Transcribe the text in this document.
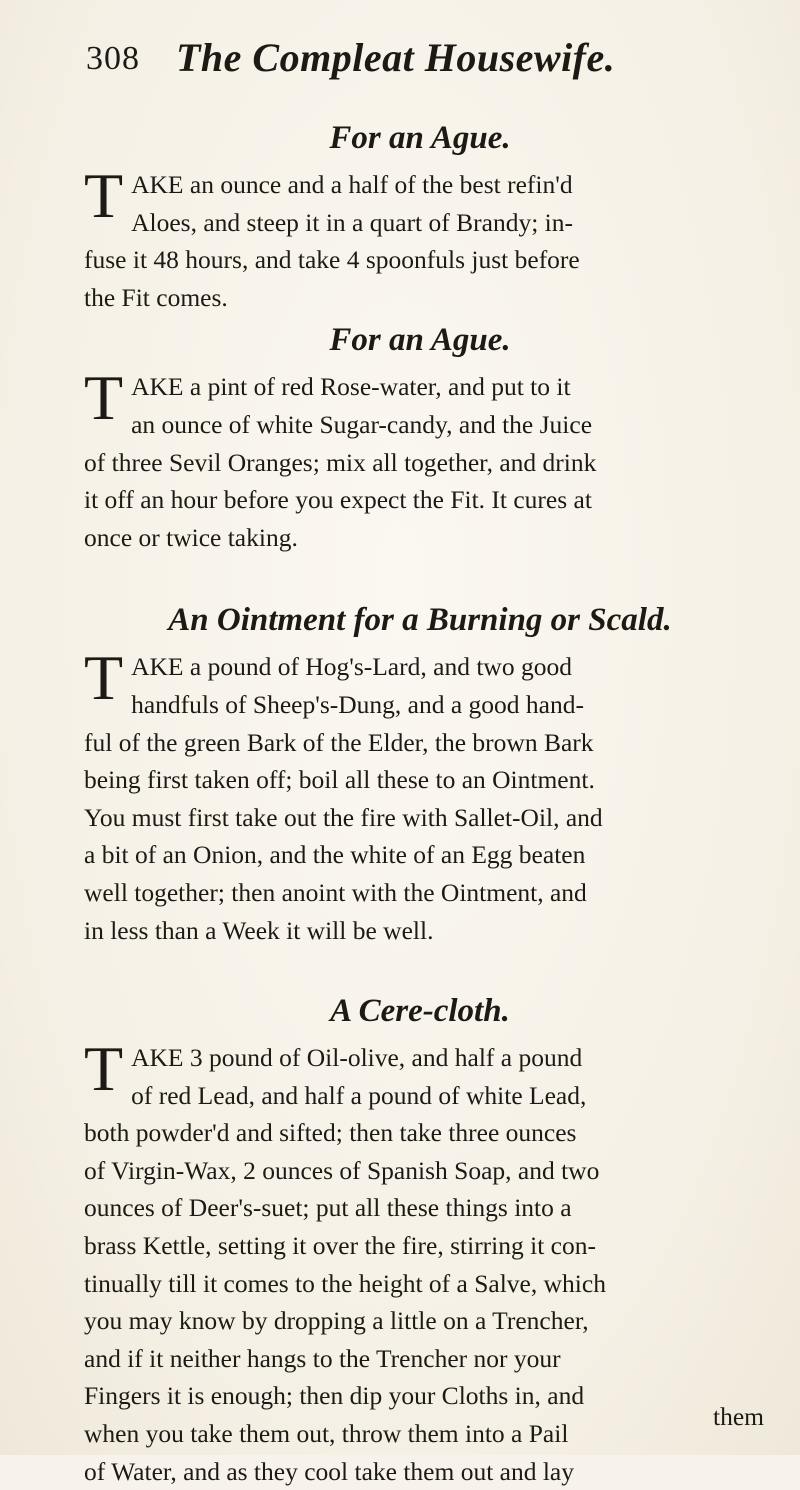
308 The Compleat Housewife.
For an Ague.
T AKE an ouncе and a half of the best refin'd
Aloes, and steep it in a quart of Brandy; in-
fuse it 48 hours, and take 4 spoonfuls just before
the Fit comes.
For an Ague.
T AKE a pint of red Rose-water, and put to it
an ounce of white Sugar-candy, and the Juice
of three Sevil Oranges; mix all together, and drink
it off an hour before you expect the Fit. It cures at
once or twice taking.
An Ointment for a Burning or Scald.
T AKE a pound of Hog's-Lard, and two good
handfuls of Sheep's-Dung, and a good hand-
ful of the green Bark of the Elder, the brown Bark
being first taken off; boil all these to an Ointment.
You must first take out the fire with Sallet-Oil, and
a bit of an Onion, and the white of an Egg beaten
well together; then anoint with the Ointment, and
in less than a Week it will be well.
A Cere-cloth.
T AKE 3 pound of Oil-olive, and half a pound
of red Lead, and half a pound of white Lead,
both powder'd and sifted; then take three ounces
of Virgin-Wax, 2 ounces of Spanish Soap, and two
ounces of Deer's-suet; put all these things into a
brass Kettle, setting it over the fire, stirring it con-
tinually till it comes to the height of a Salve, which
you may know by dropping a little on a Trencher,
and if it neither hangs to the Trencher nor your
Fingers it is enough; then dip your Cloths in, and
when you take them out, throw them into a Pail
of Water, and as they cool take them out and lay
them
